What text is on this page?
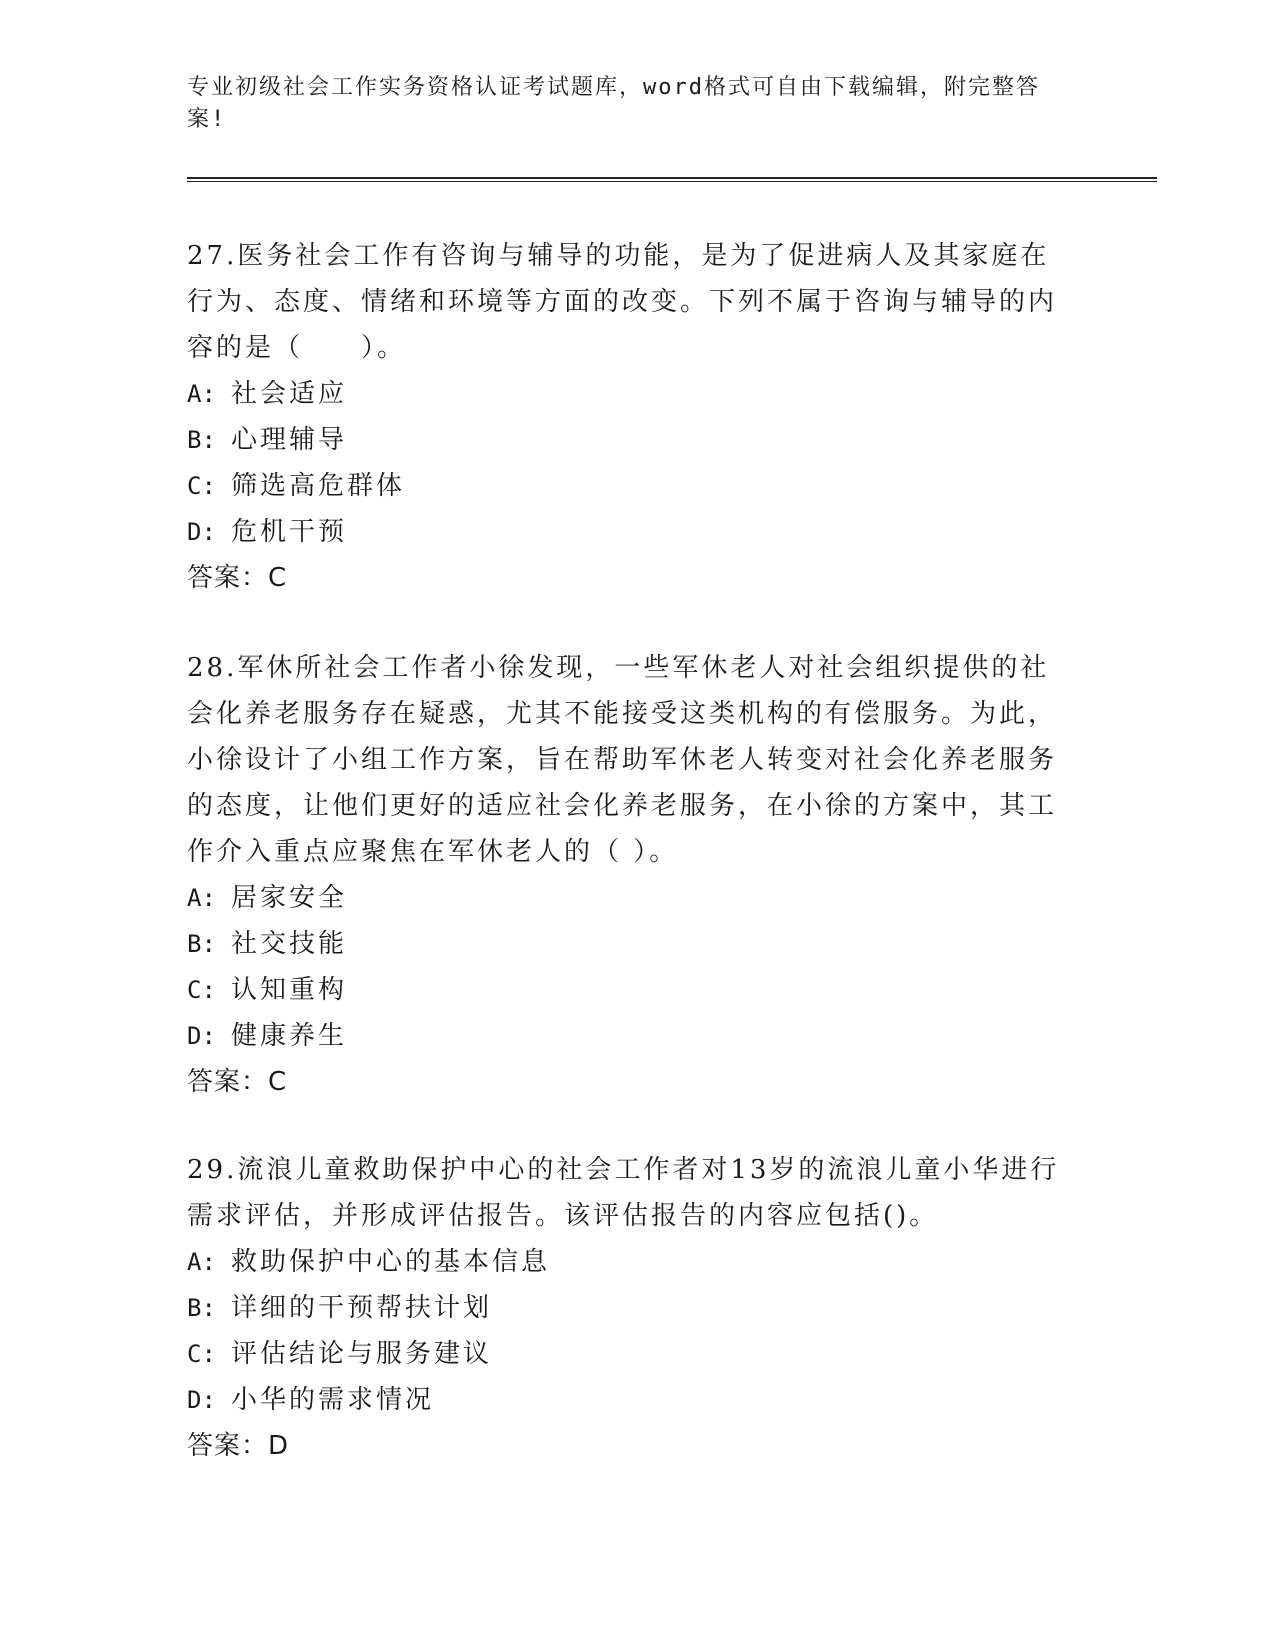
专业初级社会工作实务资格认证考试题库，word格式可自由下载编辑，附完整答案!

27.医务社会工作有咨询与辅导的功能，是为了促进病人及其家庭在行为、态度、情绪和环境等方面的改变。下列不属于咨询与辅导的内容的是（　　）。

A: 社会适应

B: 心理辅导

C: 筛选高危群体

D: 危机干预

答案：C

28.军休所社会工作者小徐发现，一些军休老人对社会组织提供的社会化养老服务存在疑惑，尤其不能接受这类机构的有偿服务。为此，小徐设计了小组工作方案，旨在帮助军休老人转变对社会化养老服务的态度，让他们更好的适应社会化养老服务，在小徐的方案中，其工作介入重点应聚焦在军休老人的（ ）。

A: 居家安全

B: 社交技能

C: 认知重构

D: 健康养生

答案：C

29.流浪儿童救助保护中心的社会工作者对13岁的流浪儿童小华进行需求评估，并形成评估报告。该评估报告的内容应包括()。

A: 救助保护中心的基本信息

B: 详细的干预帮扶计划

C: 评估结论与服务建议

D: 小华的需求情况

答案：D
